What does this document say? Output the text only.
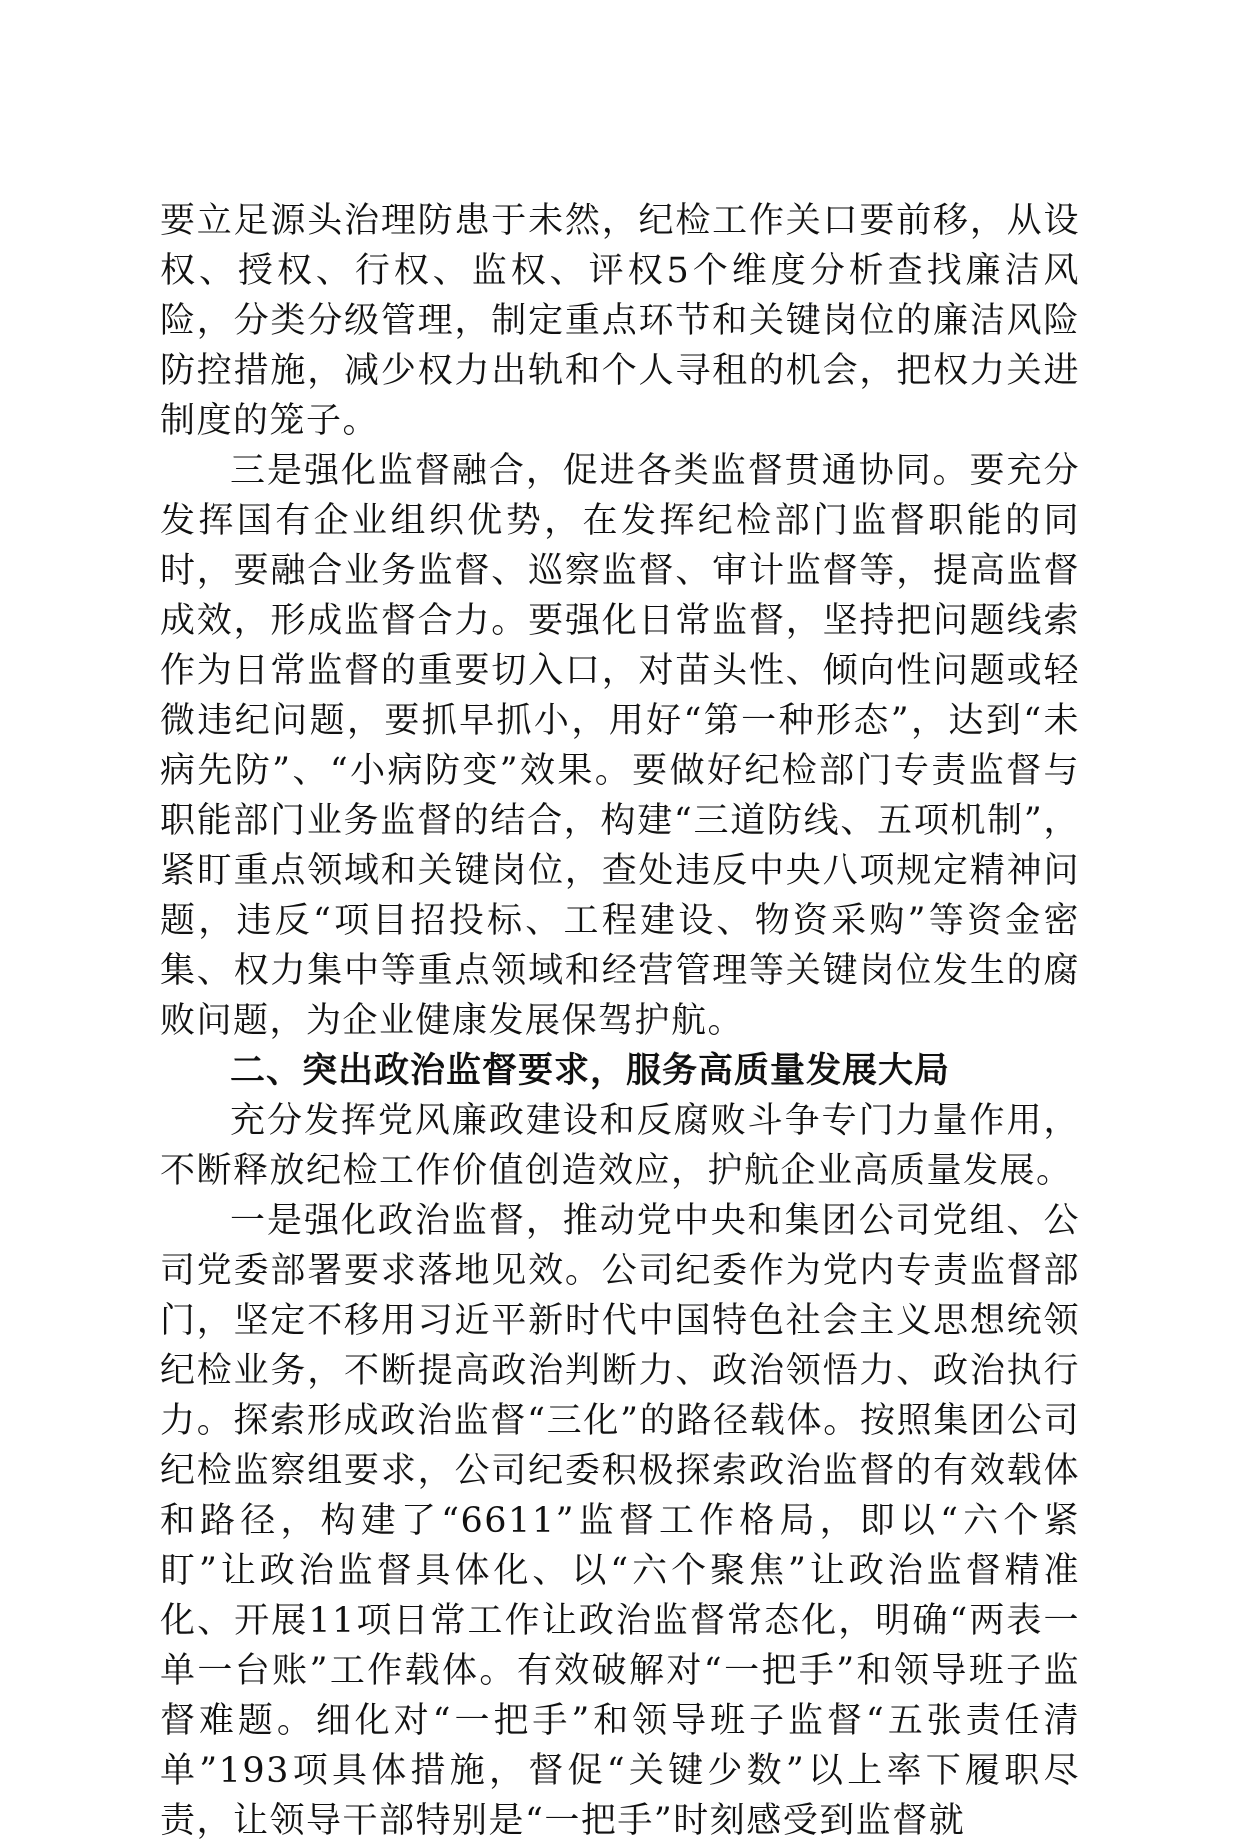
要立足源头治理防患于未然，纪检工作关口要前移，从设权、授权、行权、监权、评权5个维度分析查找廉洁风险，分类分级管理，制定重点环节和关键岗位的廉洁风险防控措施，减少权力出轨和个人寻租的机会，把权力关进制度的笼子。

三是强化监督融合，促进各类监督贯通协同。要充分发挥国有企业组织优势，在发挥纪检部门监督职能的同时，要融合业务监督、巡察监督、审计监督等，提高监督成效，形成监督合力。要强化日常监督，坚持把问题线索作为日常监督的重要切入口，对苗头性、倾向性问题或轻微违纪问题，要抓早抓小，用好“第一种形态”，达到“未病先防”、“小病防变”效果。要做好纪检部门专责监督与职能部门业务监督的结合，构建“三道防线、五项机制”，紧盯重点领域和关键岗位，查处违反中央八项规定精神问题，违反“项目招投标、工程建设、物资采购”等资金密集、权力集中等重点领域和经营管理等关键岗位发生的腐败问题，为企业健康发展保驾护航。

二、突出政治监督要求，服务高质量发展大局

充分发挥党风廉政建设和反腐败斗争专门力量作用，不断释放纪检工作价值创造效应，护航企业高质量发展。

一是强化政治监督，推动党中央和集团公司党组、公司党委部署要求落地见效。公司纪委作为党内专责监督部门，坚定不移用习近平新时代中国特色社会主义思想统领纪检业务，不断提高政治判断力、政治领悟力、政治执行力。探索形成政治监督“三化”的路径载体。按照集团公司纪检监察组要求，公司纪委积极探索政治监督的有效载体和路径，构建了“6611”监督工作格局，即以“六个紧盯”让政治监督具体化、以“六个聚焦”让政治监督精准化、开展11项日常工作让政治监督常态化，明确“两表一单一台账”工作载体。有效破解对“一把手”和领导班子监督难题。细化对“一把手”和领导班子监督“五张责任清单”193项具体措施，督促“关键少数”以上率下履职尽责，让领导干部特别是“一把手”时刻感受到监督就
